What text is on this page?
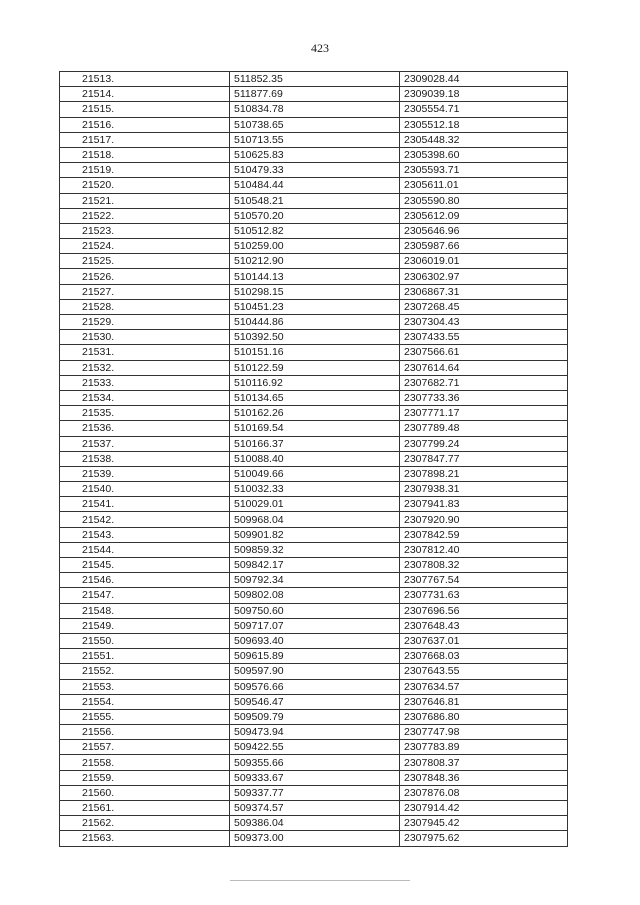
423
21513.	511852.35	2309028.44
21514.	511877.69	2309039.18
21515.	510834.78	2305554.71
21516.	510738.65	2305512.18
21517.	510713.55	2305448.32
21518.	510625.83	2305398.60
21519.	510479.33	2305593.71
21520.	510484.44	2305611.01
21521.	510548.21	2305590.80
21522.	510570.20	2305612.09
21523.	510512.82	2305646.96
21524.	510259.00	2305987.66
21525.	510212.90	2306019.01
21526.	510144.13	2306302.97
21527.	510298.15	2306867.31
21528.	510451.23	2307268.45
21529.	510444.86	2307304.43
21530.	510392.50	2307433.55
21531.	510151.16	2307566.61
21532.	510122.59	2307614.64
21533.	510116.92	2307682.71
21534.	510134.65	2307733.36
21535.	510162.26	2307771.17
21536.	510169.54	2307789.48
21537.	510166.37	2307799.24
21538.	510088.40	2307847.77
21539.	510049.66	2307898.21
21540.	510032.33	2307938.31
21541.	510029.01	2307941.83
21542.	509968.04	2307920.90
21543.	509901.82	2307842.59
21544.	509859.32	2307812.40
21545.	509842.17	2307808.32
21546.	509792.34	2307767.54
21547.	509802.08	2307731.63
21548.	509750.60	2307696.56
21549.	509717.07	2307648.43
21550.	509693.40	2307637.01
21551.	509615.89	2307668.03
21552.	509597.90	2307643.55
21553.	509576.66	2307634.57
21554.	509546.47	2307646.81
21555.	509509.79	2307686.80
21556.	509473.94	2307747.98
21557.	509422.55	2307783.89
21558.	509355.66	2307808.37
21559.	509333.67	2307848.36
21560.	509337.77	2307876.08
21561.	509374.57	2307914.42
21562.	509386.04	2307945.42
21563.	509373.00	2307975.62
